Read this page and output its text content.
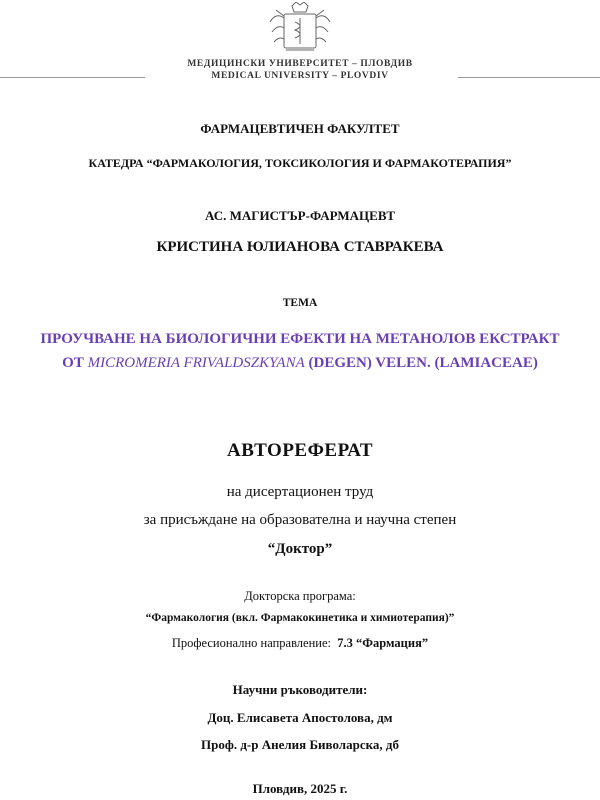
МЕДИЦИНСКИ УНИВЕРСИТЕТ – ПЛОВДИВ
MEDICAL UNIVERSITY – PLOVDIV
ФАРМАЦЕВТИЧЕН ФАКУЛТЕТ
КАТЕДРА “ФАРМАКОЛОГИЯ, ТОКСИКОЛОГИЯ И ФАРМАКОТЕРАПИЯ”
АС. МАГИСТЪР-ФАРМАЦЕВТ
КРИСТИНА ЮЛИАНОВА СТАВРАКЕВА
ТЕМА
ПРОУЧВАНЕ НА БИОЛОГИЧНИ ЕФЕКТИ НА МЕТАНОЛОВ ЕКСТРАКТ
ОТ MICROMERIA FRIVALDSZKYANA (DEGEN) VELEN. (LAMIACEAE)
АВТОРЕФЕРАТ
на дисертационен труд
за присъждане на образователна и научна степен
“Доктор”
Докторска програма:
“Фармакология (вкл. Фармакокинетика и химиотерапия)”
Професионално направление: 7.3 “Фармация”
Научни ръководители:
Доц. Елисавета Апостолова, дм
Проф. д-р Анелия Биволарска, дб
Пловдив, 2025 г.
